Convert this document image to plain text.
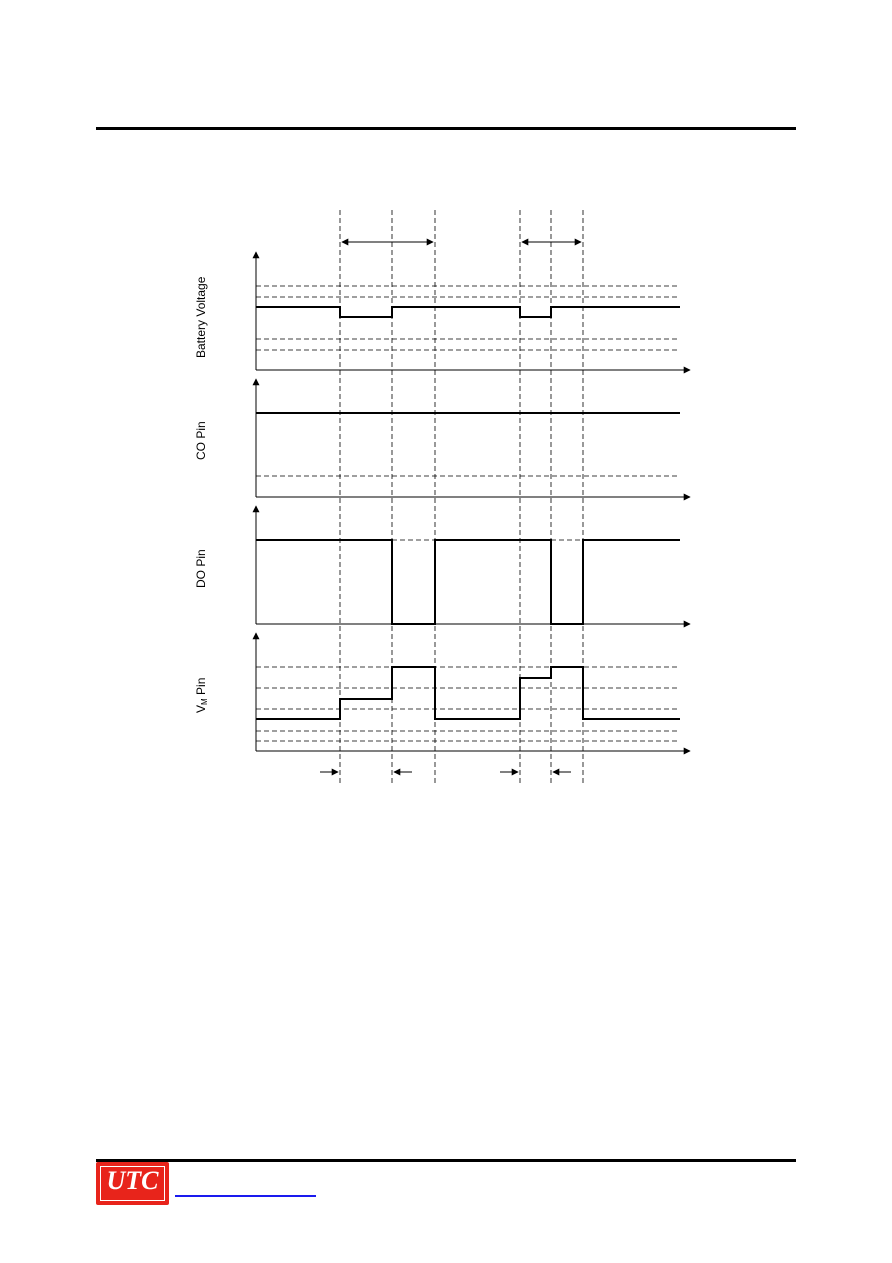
Battery Voltage
CO Pin
DO Pin
VM Pin
UTC
